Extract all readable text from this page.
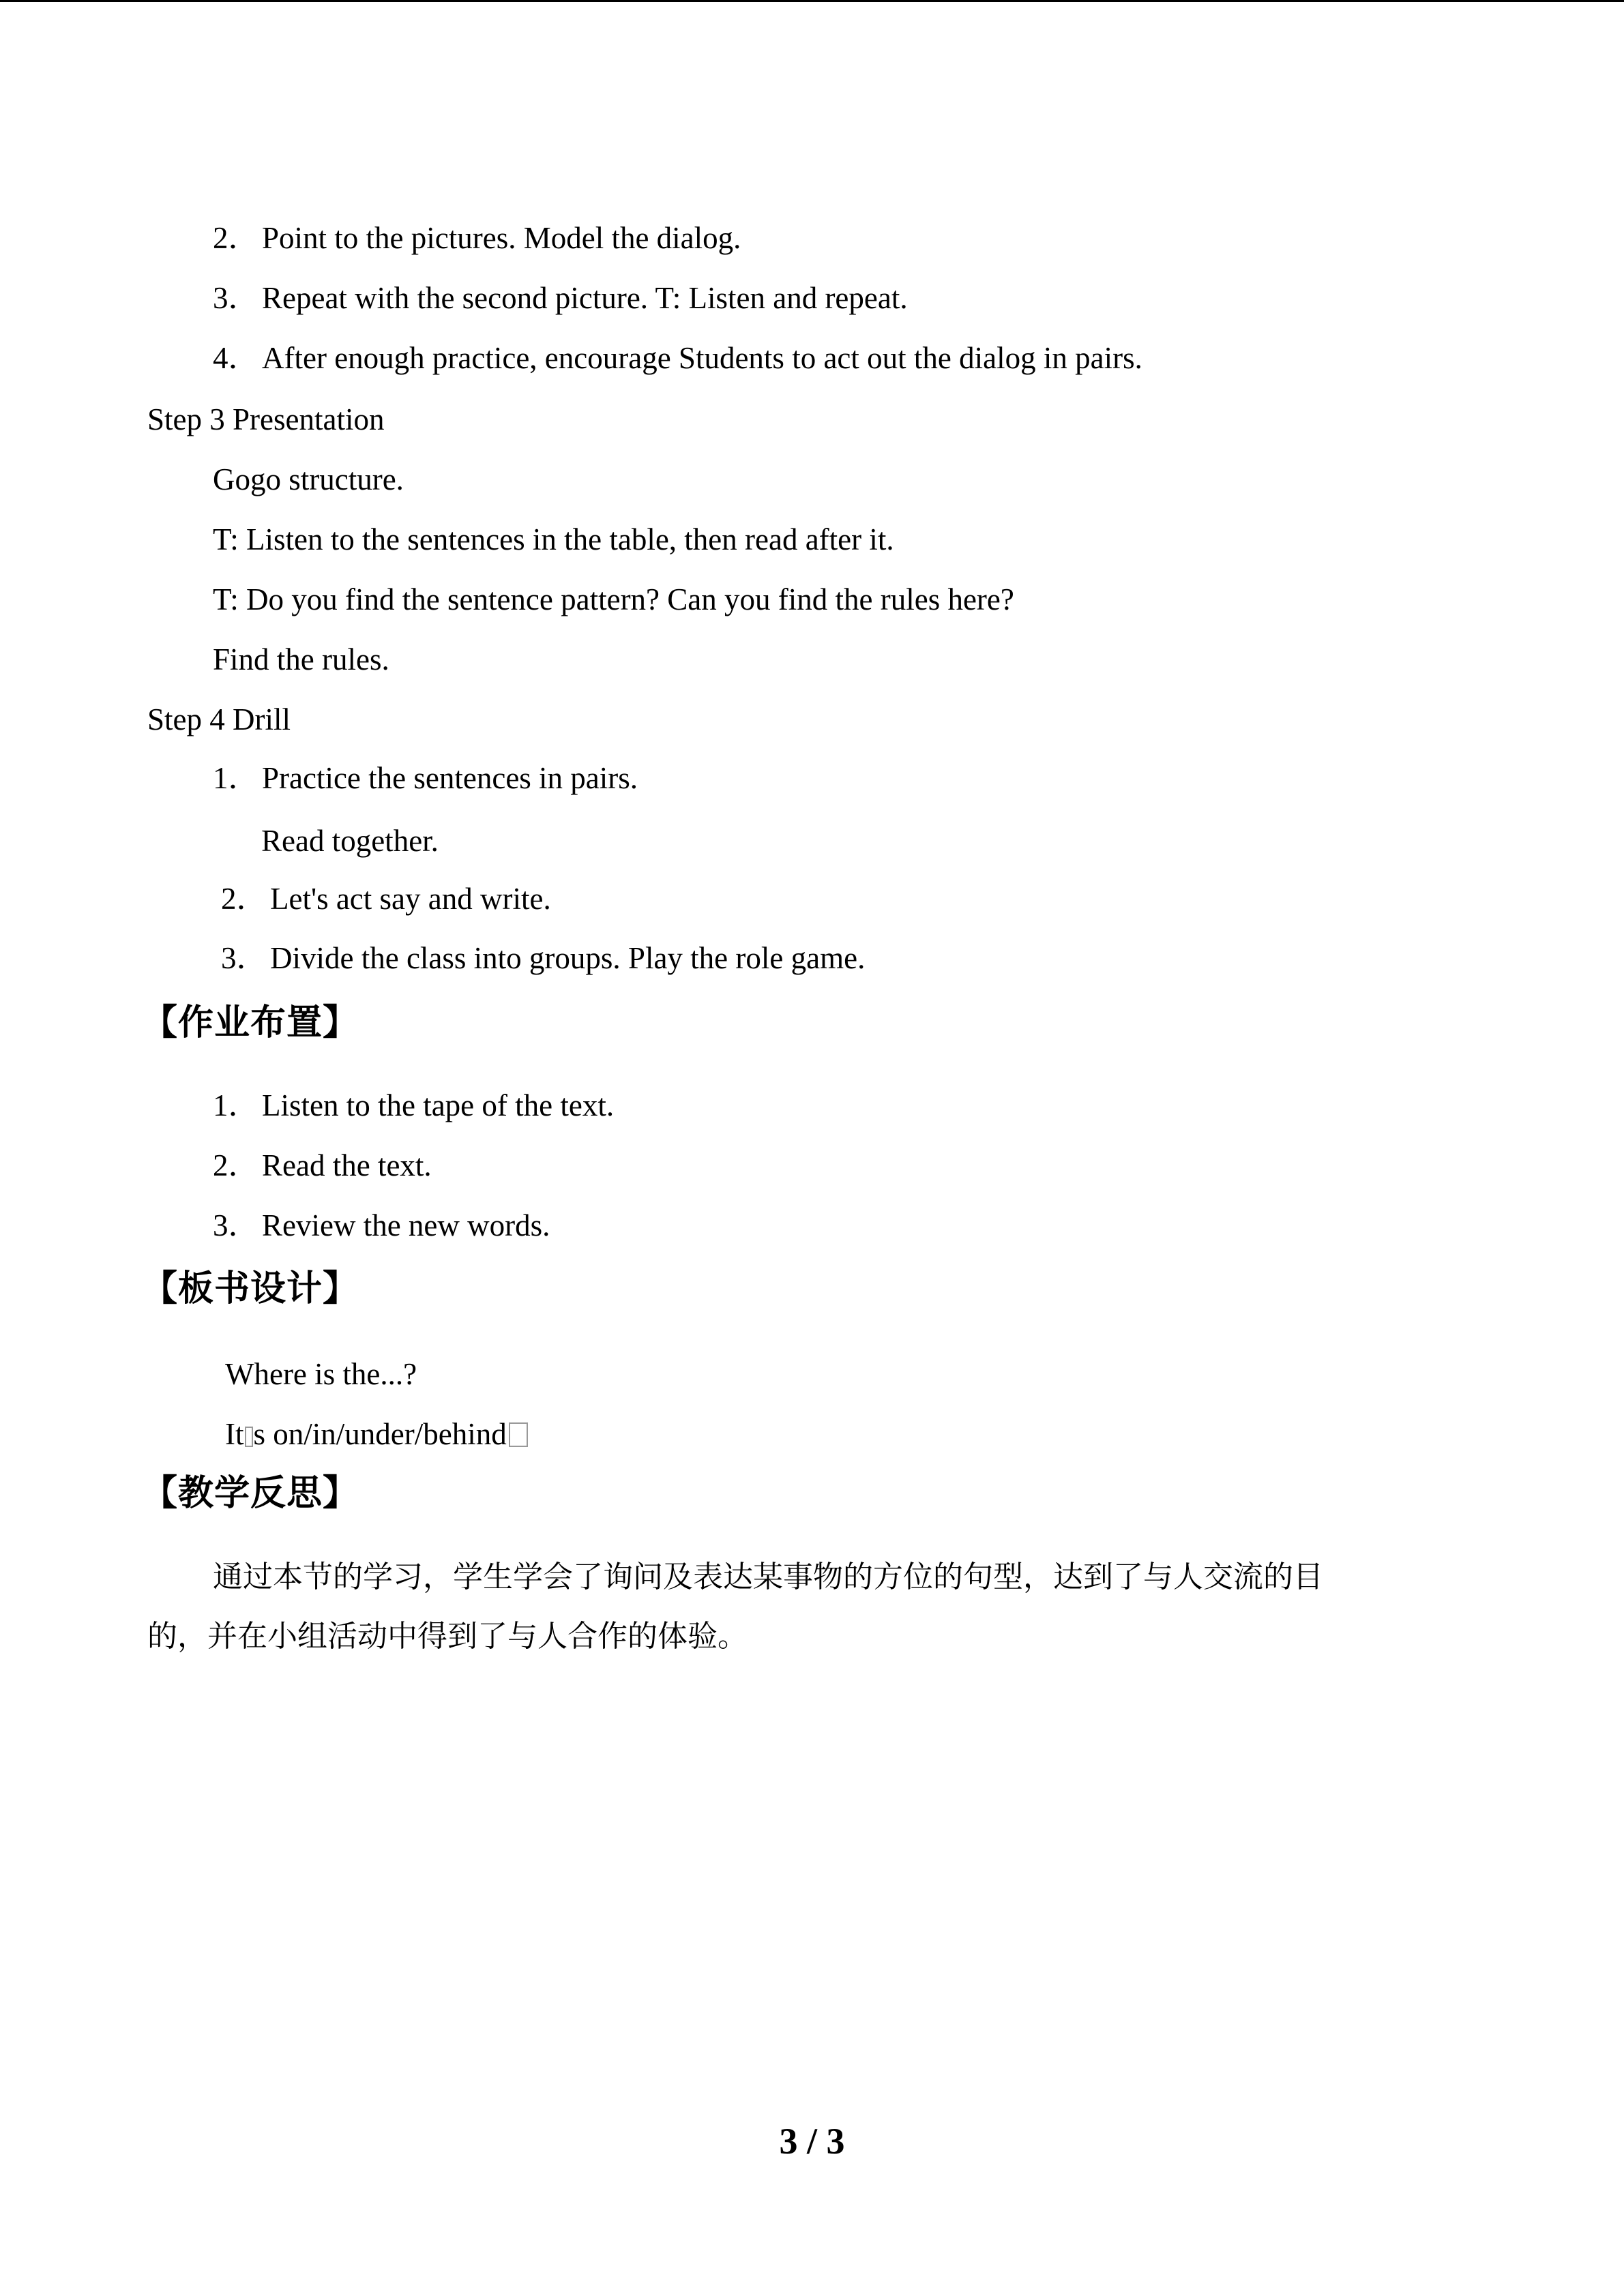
2．Point to the pictures. Model the dialog.
3．Repeat with the second picture. T: Listen and repeat.
4．After enough practice, encourage Students to act out the dialog in pairs.
Step 3 Presentation
Gogo structure.
T: Listen to the sentences in the table, then read after it.
T: Do you find the sentence pattern? Can you find the rules here?
Find the rules.
Step 4 Drill
1．Practice the sentences in pairs.
Read together.
2．Let's act say and write.
3．Divide the class into groups. Play the role game.
【作业布置】
1．Listen to the tape of the text.
2．Read the text.
3．Review the new words.
【板书设计】
Where is the...?
It s on/in/under/behind
【教学反思】
通过本节的学习，学生学会了询问及表达某事物的方位的句型，达到了与人交流的目
的，并在小组活动中得到了与人合作的体验。
3 / 3
